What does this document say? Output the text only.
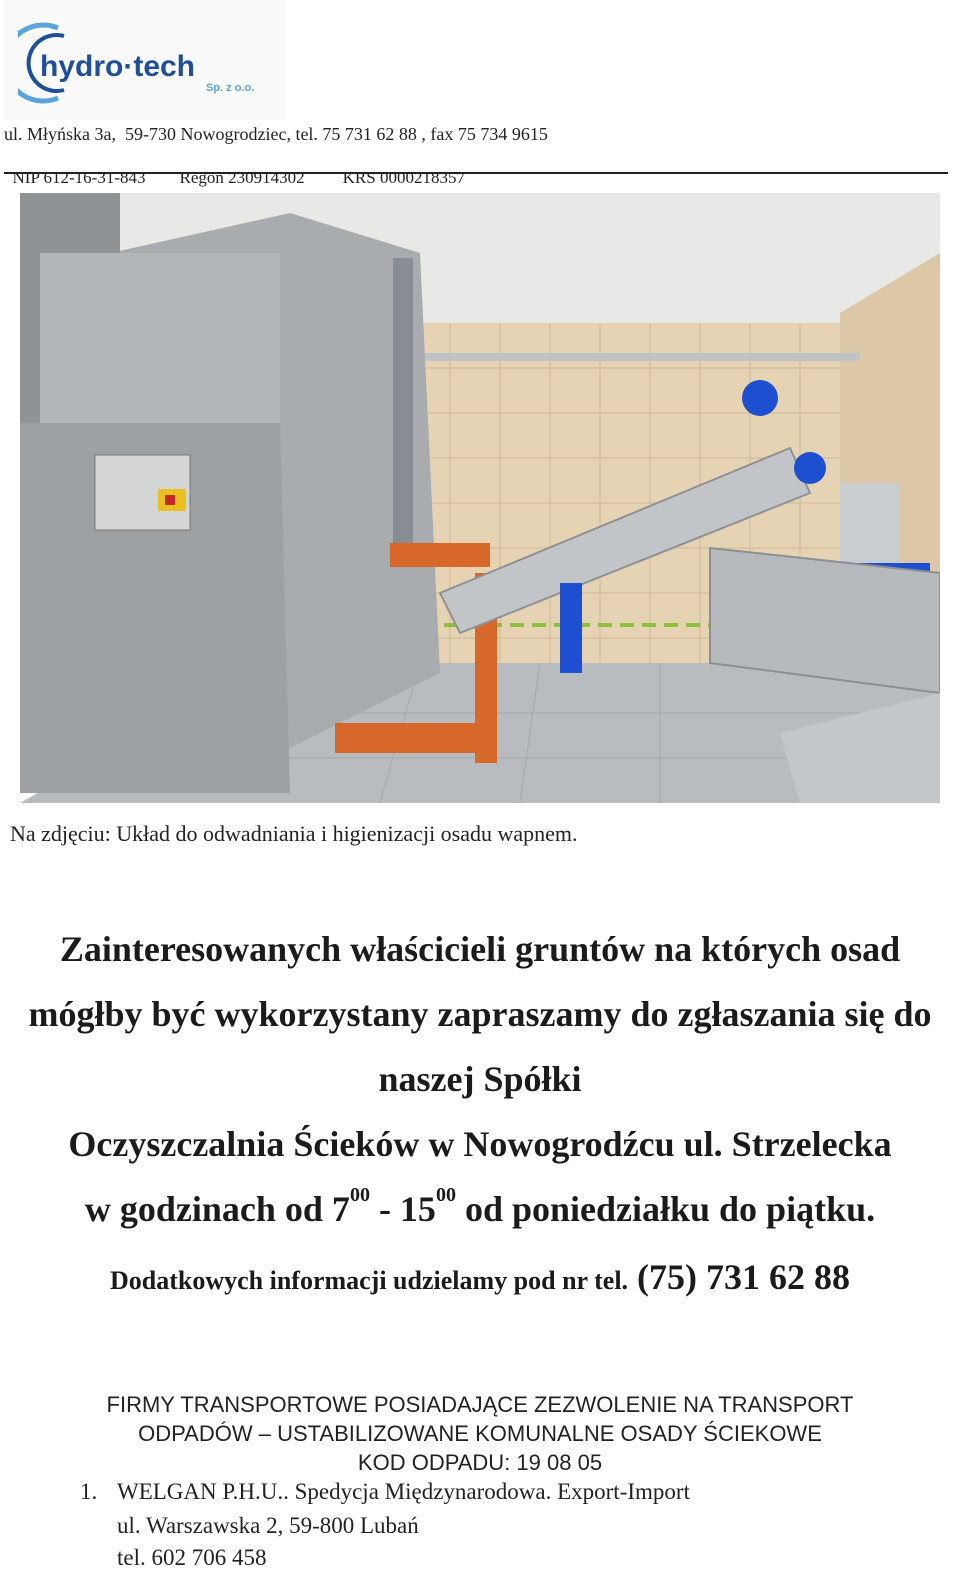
hydro·tech
Sp. z o.o.
ul. Młyńska 3a,  59-730 Nowogrodziec, tel. 75 731 62 88 , fax 75 734 9615

NIP 612-16-31-843 Regon 230914302 KRS 0000218357

Na zdjęciu: Układ do odwadniania i higienizacji osadu wapnem.
Zainteresowanych właścicieli gruntów na których osad
mógłby być wykorzystany zapraszamy do zgłaszania się do
naszej Spółki
Oczyszczalnia Ścieków w Nowogrodźcu ul. Strzelecka
w godzinach od $7^{00} - 15^{00}$ od poniedziałku do piątku.
Dodatkowych informacji udzielamy pod nr tel. (75) 731 62 88
FIRMY TRANSPORTOWE POSIADAJĄCE ZEZWOLENIE NA TRANSPORT
ODPADÓW – USTABILIZOWANE KOMUNALNE OSADY ŚCIEKOWE
KOD ODPADU: 19 08 05
1. WELGAN P.H.U.. Spedycja Międzynarodowa. Export-Import
ul. Warszawska 2, 59-800 Lubań
tel. 602 706 458
